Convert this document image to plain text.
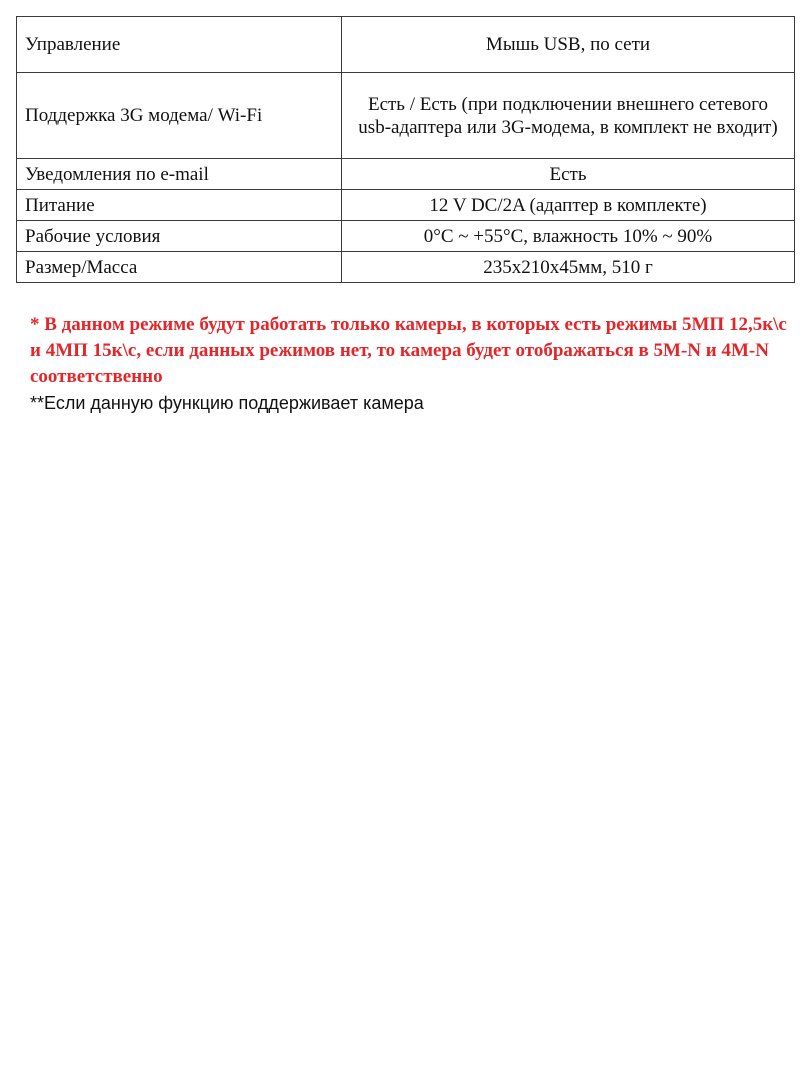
Управление	Мышь USB, по сети
Поддержка 3G модема/ Wi-Fi	Есть / Есть (при подключении внешнего сетевого usb-адаптера или 3G-модема, в комплект не входит)
Уведомления по e-mail	Есть
Питание	12 V DC/2A (адаптер в комплекте)
Рабочие условия	0°C ~ +55°C, влажность 10% ~ 90%
Размер/Масса	235x210x45мм, 510 г

* В данном режиме будут работать только камеры, в которых есть режимы 5МП 12,5к\с и 4МП 15к\с, если данных режимов нет, то камера будет отображаться в 5M-N и 4M-N соответственно

**Если данную функцию поддерживает камера
